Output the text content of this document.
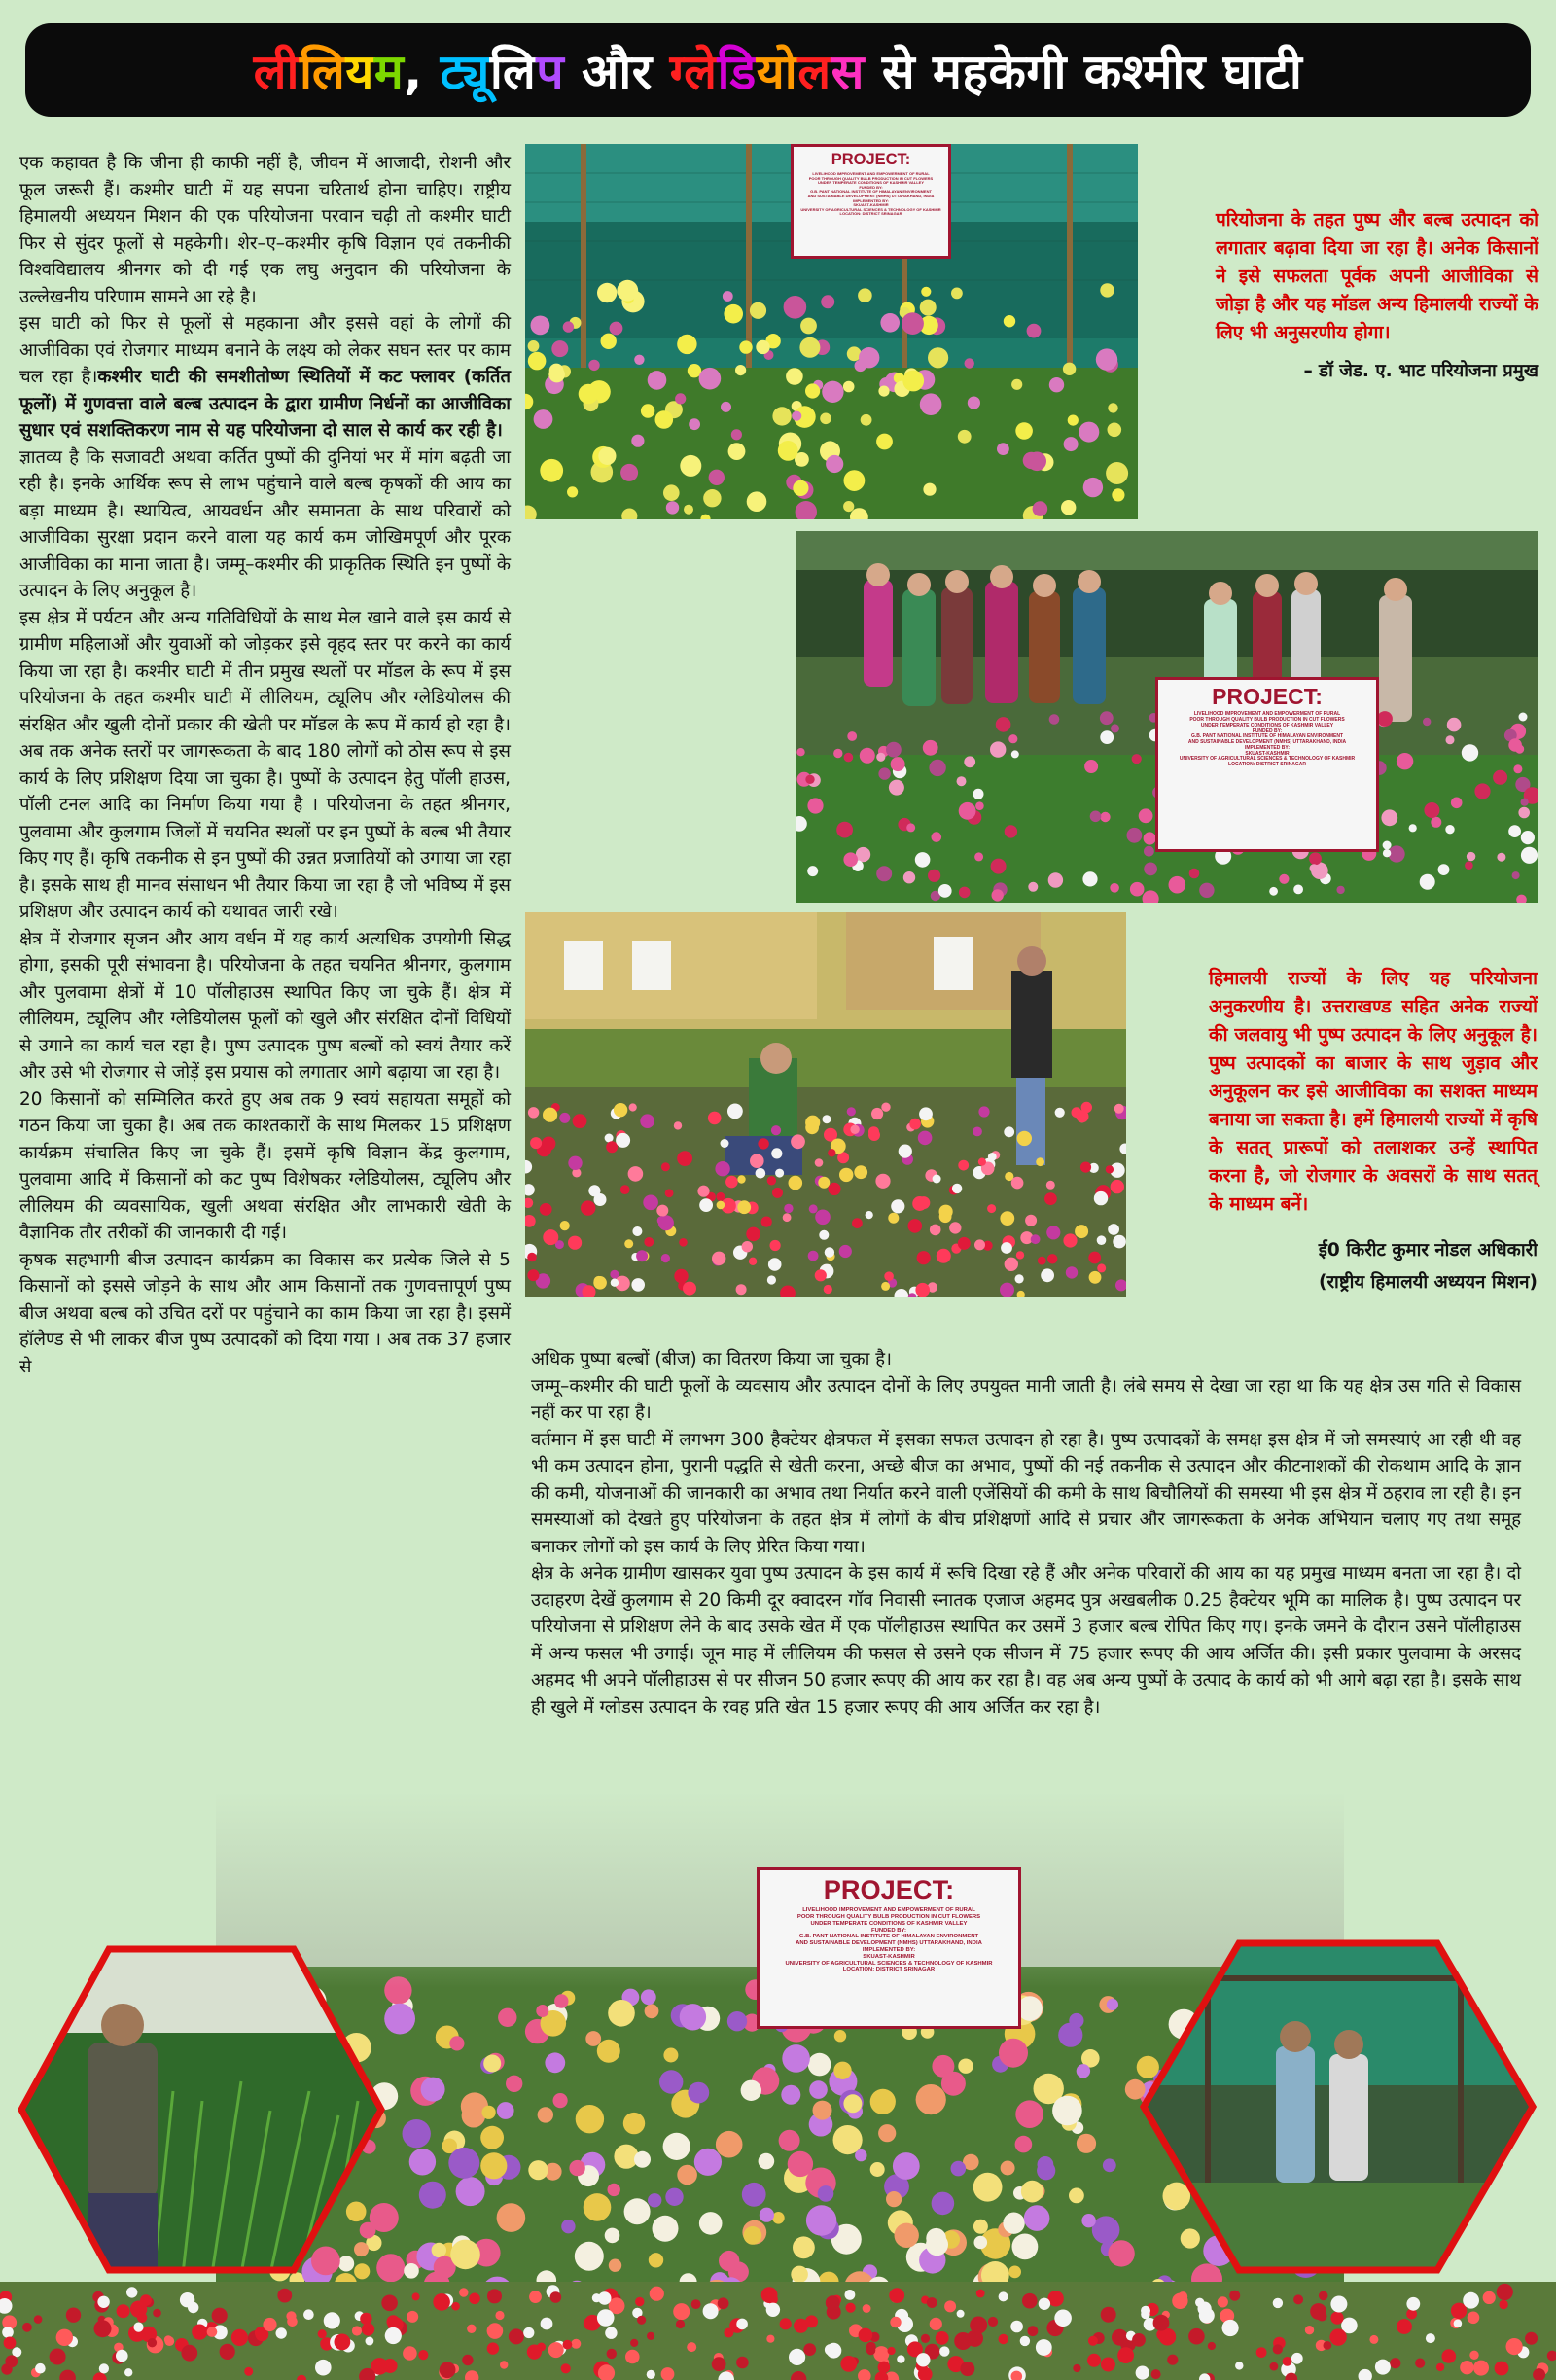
लीलियम, ट्लिप और ग्लेडियोलस से महकेगी कश्मीर घाटी

एक कहावत है कि जीना ही काफी नहीं है, जीवन में आजादी, रोशनी और फूल जरूरी हैं। कश्मीर घाटी में यह सपना चरितार्थ होना चाहिए। राष्ट्रीय हिमालयी अध्ययन मिशन की एक परियोजना परवान चढ़ी तो कश्मीर घाटी फिर से सुंदर फूलों से महकेगी। शेर–ए–कश्मीर कृषि विज्ञान एवं तकनीकी विश्वविद्यालय श्रीनगर को दी गई एक लघु अनुदान की परियोजना के उल्लेखनीय परिणाम सामने आ रहे है।

इस घाटी को फिर से फूलों से महकाना और इससे वहां के लोगों की आजीविका एवं रोजगार माध्यम बनाने के लक्ष्य को लेकर सघन स्तर पर काम चल रहा है।कश्मीर घाटी की समशीतोष्ण स्थितियों में कट फ्लावर (कर्तित फूलों) में गुणवत्ता वाले बल्ब उत्पादन के द्वारा ग्रामीण निर्धनों का आजीविका सुधार एवं सशक्तिकरण नाम से यह परियोजना दो साल से कार्य कर रही है।

ज्ञातव्य है कि सजावटी अथवा कर्तित पुष्पों की दुनियां भर में मांग बढ़ती जा रही है। इनके आर्थिक रूप से लाभ पहुंचाने वाले बल्ब कृषकों की आय का बड़ा माध्यम है। स्थायित्व, आयवर्धन और समानता के साथ परिवारों को आजीविका सुरक्षा प्रदान करने वाला यह कार्य कम जोखिमपूर्ण और पूरक आजीविका का माना जाता है। जम्मू–कश्मीर की प्राकृतिक स्थिति इन पुष्पों के उत्पादन के लिए अनुकूल है।

इस क्षेत्र में पर्यटन और अन्य गतिविधियों के साथ मेल खाने वाले इस कार्य से ग्रामीण महिलाओं और युवाओं को जोड़कर इसे वृहद स्तर पर करने का कार्य किया जा रहा है। कश्मीर घाटी में तीन प्रमुख स्थलों पर मॉडल के रूप में इस परियोजना के तहत कश्मीर घाटी में लीलियम, ट्यूलिप और ग्लेडियोलस की संरक्षित और खुली दोनों प्रकार की खेती पर मॉडल के रूप में कार्य हो रहा है। अब तक अनेक स्तरों पर जागरूकता के बाद 180 लोगों को ठोस रूप से इस कार्य के लिए प्रशिक्षण दिया जा चुका है। पुष्पों के उत्पादन हेतु पॉली हाउस, पॉली टनल आदि का निर्माण किया गया है । परियोजना के तहत श्रीनगर, पुलवामा और कुलगाम जिलों में चयनित स्थलों पर इन पुष्पों के बल्ब भी तैयार किए गए हैं। कृषि तकनीक से इन पुष्पों की उन्नत प्रजातियों को उगाया जा रहा है। इसके साथ ही मानव संसाधन भी तैयार किया जा रहा है जो भविष्य में इस प्रशिक्षण और उत्पादन कार्य को यथावत जारी रखे।

क्षेत्र में रोजगार सृजन और आय वर्धन में यह कार्य अत्यधिक उपयोगी सिद्ध होगा, इसकी पूरी संभावना है। परियोजना के तहत चयनित श्रीनगर, कुलगाम और पुलवामा क्षेत्रों में 10 पॉलीहाउस स्थापित किए जा चुके हैं। क्षेत्र में लीलियम, ट्यूलिप और ग्लेडियोलस फूलों को खुले और संरक्षित दोनों विधियों से उगाने का कार्य चल रहा है। पुष्प उत्पादक पुष्प बल्बों को स्वयं तैयार करें और उसे भी रोजगार से जोड़ें इस प्रयास को लगातार आगे बढ़ाया जा रहा है।

20 किसानों को सम्मिलित करते हुए अब तक 9 स्वयं सहायता समूहों को गठन किया जा चुका है। अब तक काश्तकारों के साथ मिलकर 15 प्रशिक्षण कार्यक्रम संचालित किए जा चुके हैं। इसमें कृषि विज्ञान केंद्र कुलगाम, पुलवामा आदि में किसानों को कट पुष्प विशेषकर ग्लेडियोलस, ट्यूलिप और लीलियम की व्यवसायिक, खुली अथवा संरक्षित और लाभकारी खेती के वैज्ञानिक तौर तरीकों की जानकारी दी गई।

कृषक सहभागी बीज उत्पादन कार्यक्रम का विकास कर प्रत्येक जिले से 5 किसानों को इससे जोड़ने के साथ और आम किसानों तक गुणवत्तापूर्ण पुष्प बीज अथवा बल्ब को उचित दरों पर पहुंचाने का काम किया जा रहा है। इसमें हॉलैण्ड से भी लाकर बीज पुष्प उत्पादकों को दिया गया । अब तक 37 हजार से

PROJECT:
LIVELIHOOD IMPROVEMENT AND EMPOWERMENT OF RURAL
POOR THROUGH QUALITY BULB PRODUCTION IN CUT FLOWERS
UNDER TEMPERATE CONDITIONS OF KASHMIR VALLEY
FUNDED BY:
G.B. PANT NATIONAL INSTITUTE OF HIMALAYAN ENVIRONMENT
AND SUSTAINABLE DEVELOPMENT (NMHS) UTTARAKHAND, INDIA
IMPLEMENTED BY:
SKUAST-KASHMIR
UNIVERSITY OF AGRICULTURAL SCIENCES & TECHNOLOGY OF KASHMIR
LOCATION: DISTRICT SRINAGAR	परियोजना के तहत पुष्प और बल्ब उत्पादन को लगातार बढ़ावा दिया जा रहा है। अनेक किसानों ने इसे सफलता पूर्वक अपनी आजीविका से जोड़ा है और यह मॉडल अन्य हिमालयी राज्यों के लिए भी अनुसरणीय होगा।
– डॉ जेड. ए. भाट परियोजना प्रमुख
PROJECT:
LIVELIHOOD IMPROVEMENT AND EMPOWERMENT OF RURAL
POOR THROUGH QUALITY BULB PRODUCTION IN CUT FLOWERS
UNDER TEMPERATE CONDITIONS OF KASHMIR VALLEY
FUNDED BY:
G.B. PANT NATIONAL INSTITUTE OF HIMALAYAN ENVIRONMENT
AND SUSTAINABLE DEVELOPMENT (NMHS) UTTARAKHAND, INDIA
IMPLEMENTED BY:
SKUAST-KASHMIR
UNIVERSITY OF AGRICULTURAL SCIENCES & TECHNOLOGY OF KASHMIR
LOCATION: DISTRICT SRINAGAR
हिमालयी राज्यों के लिए यह परियोजना अनुकरणीय है। उत्तराखण्ड सहित अनेक राज्यों की जलवायु भी पुष्प उत्पादन के लिए अनुकूल है। पुष्प उत्पादकों का बाजार के साथ जुड़ाव और अनुकूलन कर इसे आजीविका का सशक्त माध्यम बनाया जा सकता है। हमें हिमालयी राज्यों में कृषि के सतत् प्रारूपों को तलाशकर उन्हें स्थापित करना है, जो रोजगार के अवसरों के साथ सतत् के माध्यम बनें।
ई0 किरीट कुमार नोडल अधिकारी
(राष्ट्रीय हिमालयी अध्ययन मिशन)

अधिक पुष्पा बल्बों (बीज) का वितरण किया जा चुका है।

जम्मू–कश्मीर की घाटी फूलों के व्यवसाय और उत्पादन दोनों के लिए उपयुक्त मानी जाती है। लंबे समय से देखा जा रहा था कि यह क्षेत्र उस गति से विकास नहीं कर पा रहा है।

वर्तमान में इस घाटी में लगभग 300 हैक्टेयर क्षेत्रफल में इसका सफल उत्पादन हो रहा है। पुष्प उत्पादकों के समक्ष इस क्षेत्र में जो समस्याएं आ रही थी वह भी कम उत्पादन होना, पुरानी पद्धति से खेती करना, अच्छे बीज का अभाव, पुष्पों की नई तकनीक से उत्पादन और कीटनाशकों की रोकथाम आदि के ज्ञान की कमी, योजनाओं की जानकारी का अभाव तथा निर्यात करने वाली एजेंसियों की कमी के साथ बिचौलियों की समस्या भी इस क्षेत्र में ठहराव ला रही है। इन समस्याओं को देखते हुए परियोजना के तहत क्षेत्र में लोगों के बीच प्रशिक्षणों आदि से प्रचार और जागरूकता के अनेक अभियान चलाए गए तथा समूह बनाकर लोगों को इस कार्य के लिए प्रेरित किया गया।

क्षेत्र के अनेक ग्रामीण खासकर युवा पुष्प उत्पादन के इस कार्य में रूचि दिखा रहे हैं और अनेक परिवारों की आय का यह प्रमुख माध्यम बनता जा रहा है। दो उदाहरण देखें कुलगाम से 20 किमी दूर क्वादरन गॉव निवासी स्नातक एजाज अहमद पुत्र अखबलीक 0.25 हैक्टेयर भूमि का मालिक है। पुष्प उत्पादन पर परियोजना से प्रशिक्षण लेने के बाद उसके खेत में एक पॉलीहाउस स्थापित कर उसमें 3 हजार बल्ब रोपित किए गए। इनके जमने के दौरान उसने पॉलीहाउस में अन्य फसल भी उगाई। जून माह में लीलियम की फसल से उसने एक सीजन में 75 हजार रूपए की आय अर्जित की। इसी प्रकार पुलवामा के अरसद अहमद भी अपने पॉलीहाउस से पर सीजन 50 हजार रूपए की आय कर रहा है। वह अब अन्य पुष्पों के उत्पाद के कार्य को भी आगे बढ़ा रहा है। इसके साथ ही खुले में ग्लोडस उत्पादन के रवह प्रति खेत 15 हजार रूपए की आय अर्जित कर रहा है।

PROJECT:
LIVELIHOOD IMPROVEMENT AND EMPOWERMENT OF RURAL
POOR THROUGH QUALITY BULB PRODUCTION IN CUT FLOWERS
UNDER TEMPERATE CONDITIONS OF KASHMIR VALLEY
FUNDED BY:
G.B. PANT NATIONAL INSTITUTE OF HIMALAYAN ENVIRONMENT
AND SUSTAINABLE DEVELOPMENT (NMHS) UTTARAKHAND, INDIA
IMPLEMENTED BY:
SKUAST-KASHMIR
UNIVERSITY OF AGRICULTURAL SCIENCES & TECHNOLOGY OF KASHMIR
LOCATION: DISTRICT SRINAGAR
